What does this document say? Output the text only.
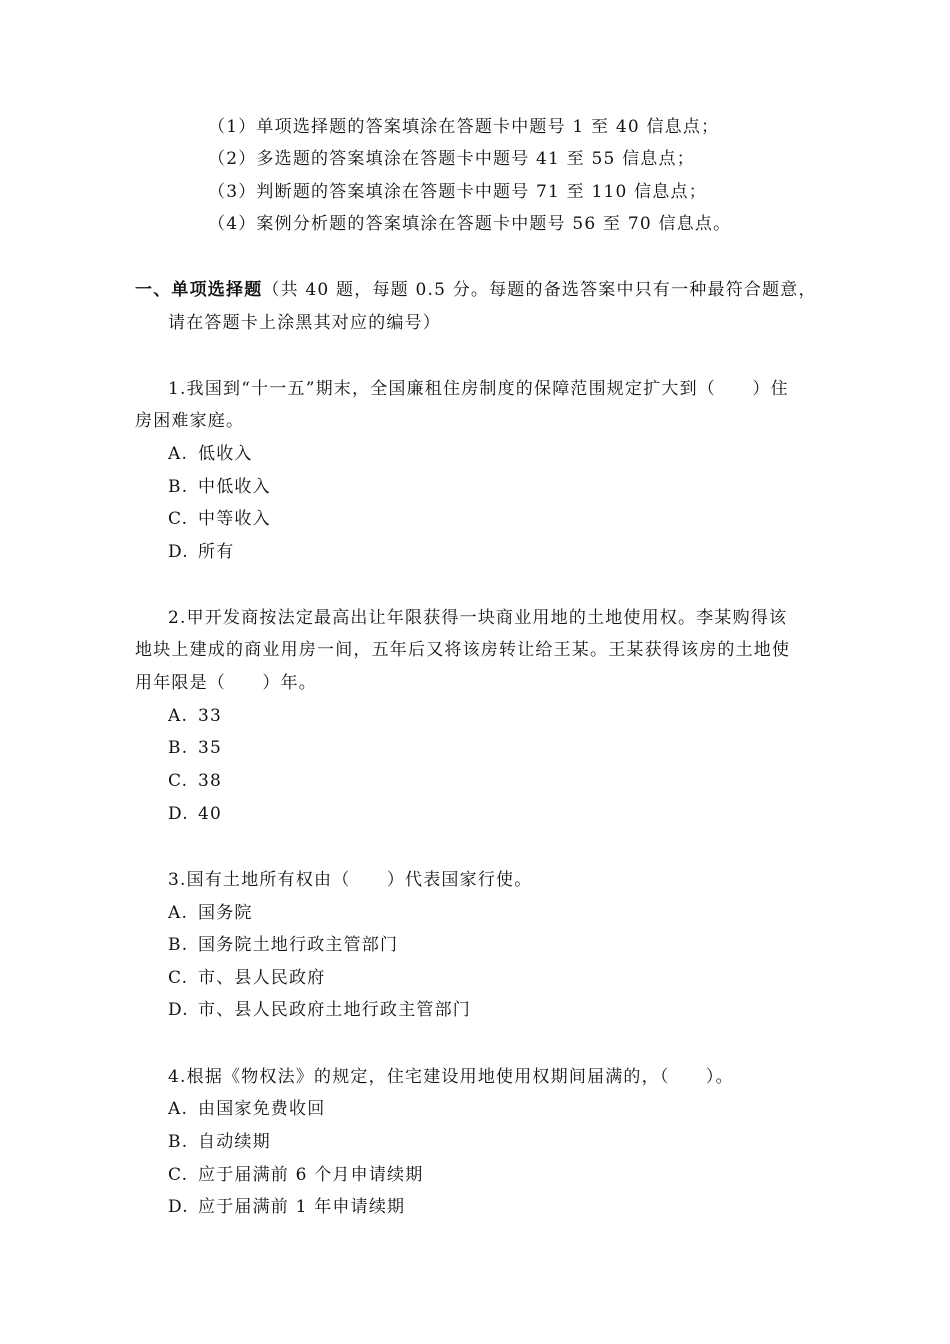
（1）单项选择题的答案填涂在答题卡中题号 1 至 40 信息点；
（2）多选题的答案填涂在答题卡中题号 41 至 55 信息点；
（3）判断题的答案填涂在答题卡中题号 71 至 110 信息点；
（4）案例分析题的答案填涂在答题卡中题号 56 至 70 信息点。
一、单项选择题（共 40 题，每题 0.5 分。每题的备选答案中只有一种最符合题意，
请在答题卡上涂黑其对应的编号）
1.我国到“十一五”期末，全国廉租住房制度的保障范围规定扩大到（　　）住
房困难家庭。
A. 低收入
B. 中低收入
C. 中等收入
D. 所有
2.甲开发商按法定最高出让年限获得一块商业用地的土地使用权。李某购得该
地块上建成的商业用房一间，五年后又将该房转让给王某。王某获得该房的土地使
用年限是（　　）年。
A. 33
B. 35
C. 38
D. 40
3.国有土地所有权由（　　）代表国家行使。
A. 国务院
B. 国务院土地行政主管部门
C. 市、县人民政府
D. 市、县人民政府土地行政主管部门
4.根据《物权法》的规定，住宅建设用地使用权期间届满的，（　　）。
A. 由国家免费收回
B. 自动续期
C. 应于届满前 6 个月申请续期
D. 应于届满前 1 年申请续期
